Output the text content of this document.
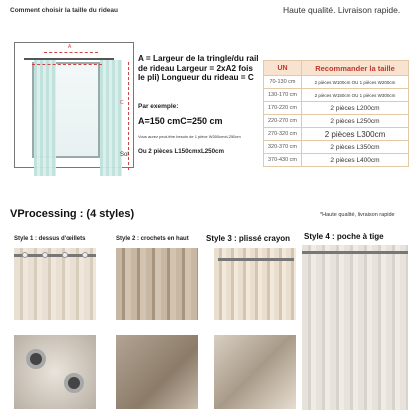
Comment choisir la taille du rideau	Haute qualité. Livraison rapide.
A
C
Sol
A = Largeur de la tringle/du rail de rideau Largeur = 2xA2 fois le pli) Longueur du rideau = C
Par exemple:
A=150 cmC=250 cm
Vous aurez peut-être besoin de 1 pièce W300cmxL250cm
Ou 2 pièces L150cmxL250cm
UN	Recommander la taille
70-130 cm	2 pièces W100cm OU 1 pièces W200cm
130-170 cm	2 pièces W150cm OU 1 pièces W300cm
170-220 cm	2 pièces L200cm
220-270 cm	2 pièces L250cm
270-320 cm	2 pièces L300cm
320-370 cm	2 pièces L350cm
370-430 cm	2 pièces L400cm
VProcessing : (4 styles)	*Haute qualité, livraison rapide
Style 1 : dessus d'œillets	Style 2 : crochets en haut Style 3 : plissé crayon Style 4 : poche à tige
